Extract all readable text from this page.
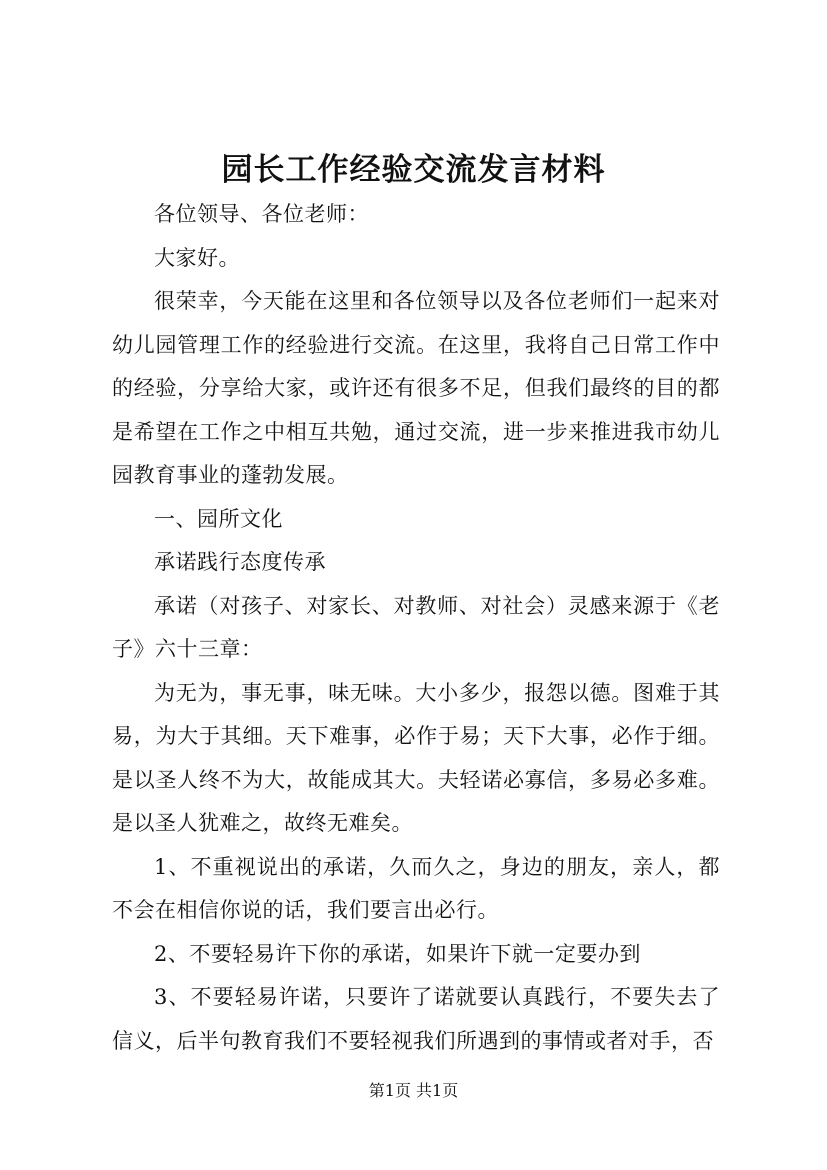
园长工作经验交流发言材料

各位领导、各位老师：

大家好。

很荣幸，今天能在这里和各位领导以及各位老师们一起来对幼儿园管理工作的经验进行交流。在这里，我将自己日常工作中的经验，分享给大家，或许还有很多不足，但我们最终的目的都是希望在工作之中相互共勉，通过交流，进一步来推进我市幼儿园教育事业的蓬勃发展。

一、园所文化

承诺践行态度传承

承诺（对孩子、对家长、对教师、对社会）灵感来源于《老子》六十三章：

为无为，事无事，味无味。大小多少，报怨以德。图难于其易，为大于其细。天下难事，必作于易；天下大事，必作于细。是以圣人终不为大，故能成其大。夫轻诺必寡信，多易必多难。是以圣人犹难之，故终无难矣。

1、不重视说出的承诺，久而久之，身边的朋友，亲人，都不会在相信你说的话，我们要言出必行。

2、不要轻易许下你的承诺，如果许下就一定要办到

3、不要轻易许诺，只要许了诺就要认真践行，不要失去了信义，后半句教育我们不要轻视我们所遇到的事情或者对手，否

第1页 共1页
